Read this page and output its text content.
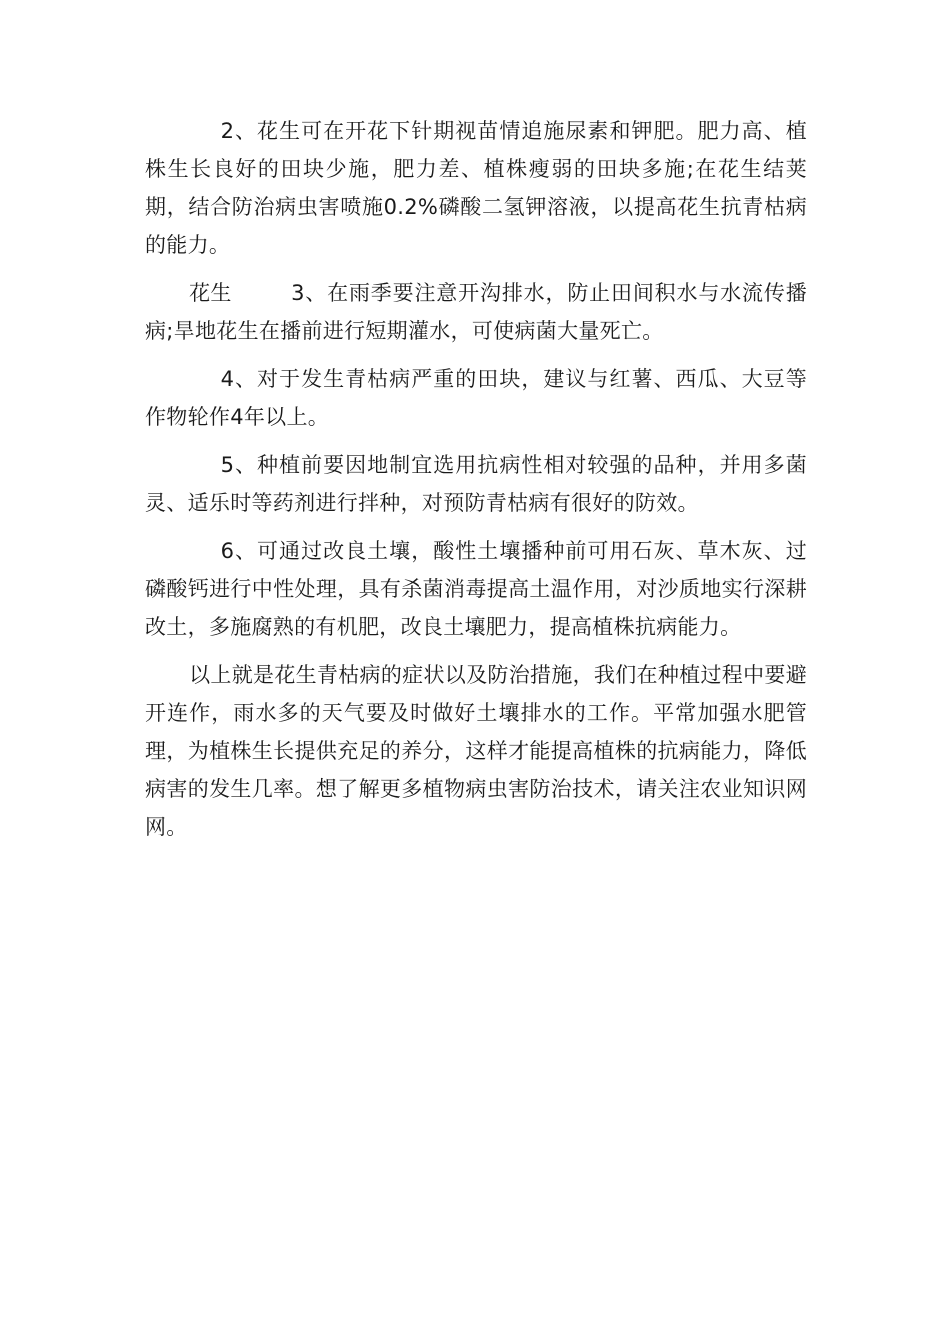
2、花生可在开花下针期视苗情追施尿素和钾肥。肥力高、植株生长良好的田块少施，肥力差、植株瘦弱的田块多施;在花生结荚期，结合防治病虫害喷施0.2%磷酸二氢钾溶液，以提高花生抗青枯病的能力。

花生	3、在雨季要注意开沟排水，防止田间积水与水流传播病;旱地花生在播前进行短期灌水，可使病菌大量死亡。

4、对于发生青枯病严重的田块，建议与红薯、西瓜、大豆等作物轮作4年以上。

5、种植前要因地制宜选用抗病性相对较强的品种，并用多菌灵、适乐时等药剂进行拌种，对预防青枯病有很好的防效。

6、可通过改良土壤，酸性土壤播种前可用石灰、草木灰、过磷酸钙进行中性处理，具有杀菌消毒提高土温作用，对沙质地实行深耕改土，多施腐熟的有机肥，改良土壤肥力，提高植株抗病能力。

以上就是花生青枯病的症状以及防治措施，我们在种植过程中要避开连作，雨水多的天气要及时做好土壤排水的工作。平常加强水肥管理，为植株生长提供充足的养分，这样才能提高植株的抗病能力，降低病害的发生几率。想了解更多植物病虫害防治技术，请关注农业知识网网。
